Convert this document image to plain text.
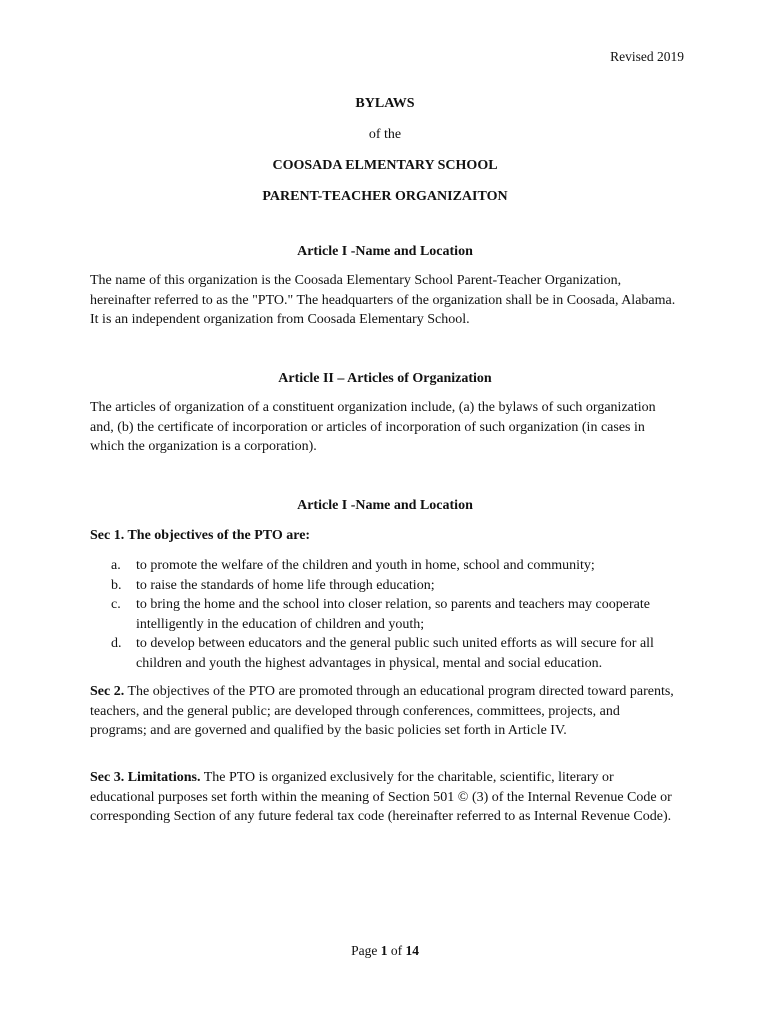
Revised 2019
BYLAWS
of the
COOSADA ELMENTARY SCHOOL
PARENT-TEACHER ORGANIZAITON
Article I -Name and Location

The name of this organization is the Coosada Elementary School Parent-Teacher Organization, hereinafter referred to as the "PTO." The headquarters of the organization shall be in Coosada, Alabama. It is an independent organization from Coosada Elementary School.

Article II – Articles of Organization

The articles of organization of a constituent organization include, (a) the bylaws of such organization and, (b) the certificate of incorporation or articles of incorporation of such organization (in cases in which the organization is a corporation).

Article I -Name and Location
Sec 1. The objectives of the PTO are:
a. to promote the welfare of the children and youth in home, school and community;
b. to raise the standards of home life through education;
c. to bring the home and the school into closer relation, so parents and teachers may cooperate intelligently in the education of children and youth;
d. to develop between educators and the general public such united efforts as will secure for all children and youth the highest advantages in physical, mental and social education.

Sec 2. The objectives of the PTO are promoted through an educational program directed toward parents, teachers, and the general public; are developed through conferences, committees, projects, and programs; and are governed and qualified by the basic policies set forth in Article IV.

Sec 3. Limitations. The PTO is organized exclusively for the charitable, scientific, literary or educational purposes set forth within the meaning of Section 501 © (3) of the Internal Revenue Code or corresponding Section of any future federal tax code (hereinafter referred to as Internal Revenue Code).

Page 1 of 14
